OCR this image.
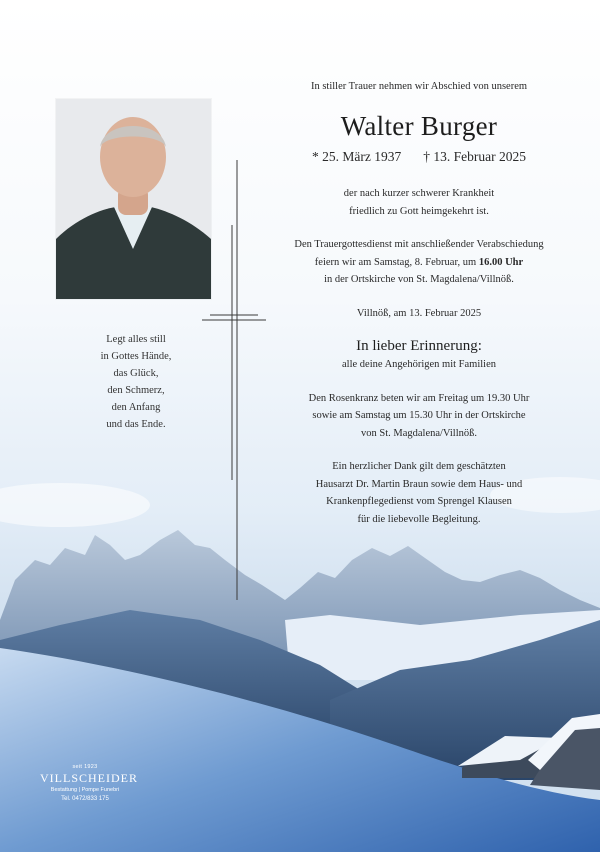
Legt alles still
in Gottes Hände,
das Glück,
den Schmerz,
den Anfang
und das Ende.

In stiller Trauer nehmen wir Abschied von unserem

Walter Burger
* 25. März 1937 † 13. Februar 2025
der nach kurzer schwerer Krankheit
friedlich zu Gott heimgekehrt ist.
Den Trauergottesdienst mit anschließender Verabschiedung
feiern wir am Samstag, 8. Februar, um 16.00 Uhr
in der Ortskirche von St. Magdalena/Villnöß.
Villnöß, am 13. Februar 2025
In lieber Erinnerung:
alle deine Angehörigen mit Familien
Den Rosenkranz beten wir am Freitag um 19.30 Uhr
sowie am Samstag um 15.30 Uhr in der Ortskirche
von St. Magdalena/Villnöß.
Ein herzlicher Dank gilt dem geschätzten
Hausarzt Dr. Martin Braun sowie dem Haus- und
Krankenpflegedienst vom Sprengel Klausen
für die liebevolle Begleitung.
seit 1923
VILLSCHEIDER
Bestattung | Pompe Funebri
Tel. 0472/833 175
